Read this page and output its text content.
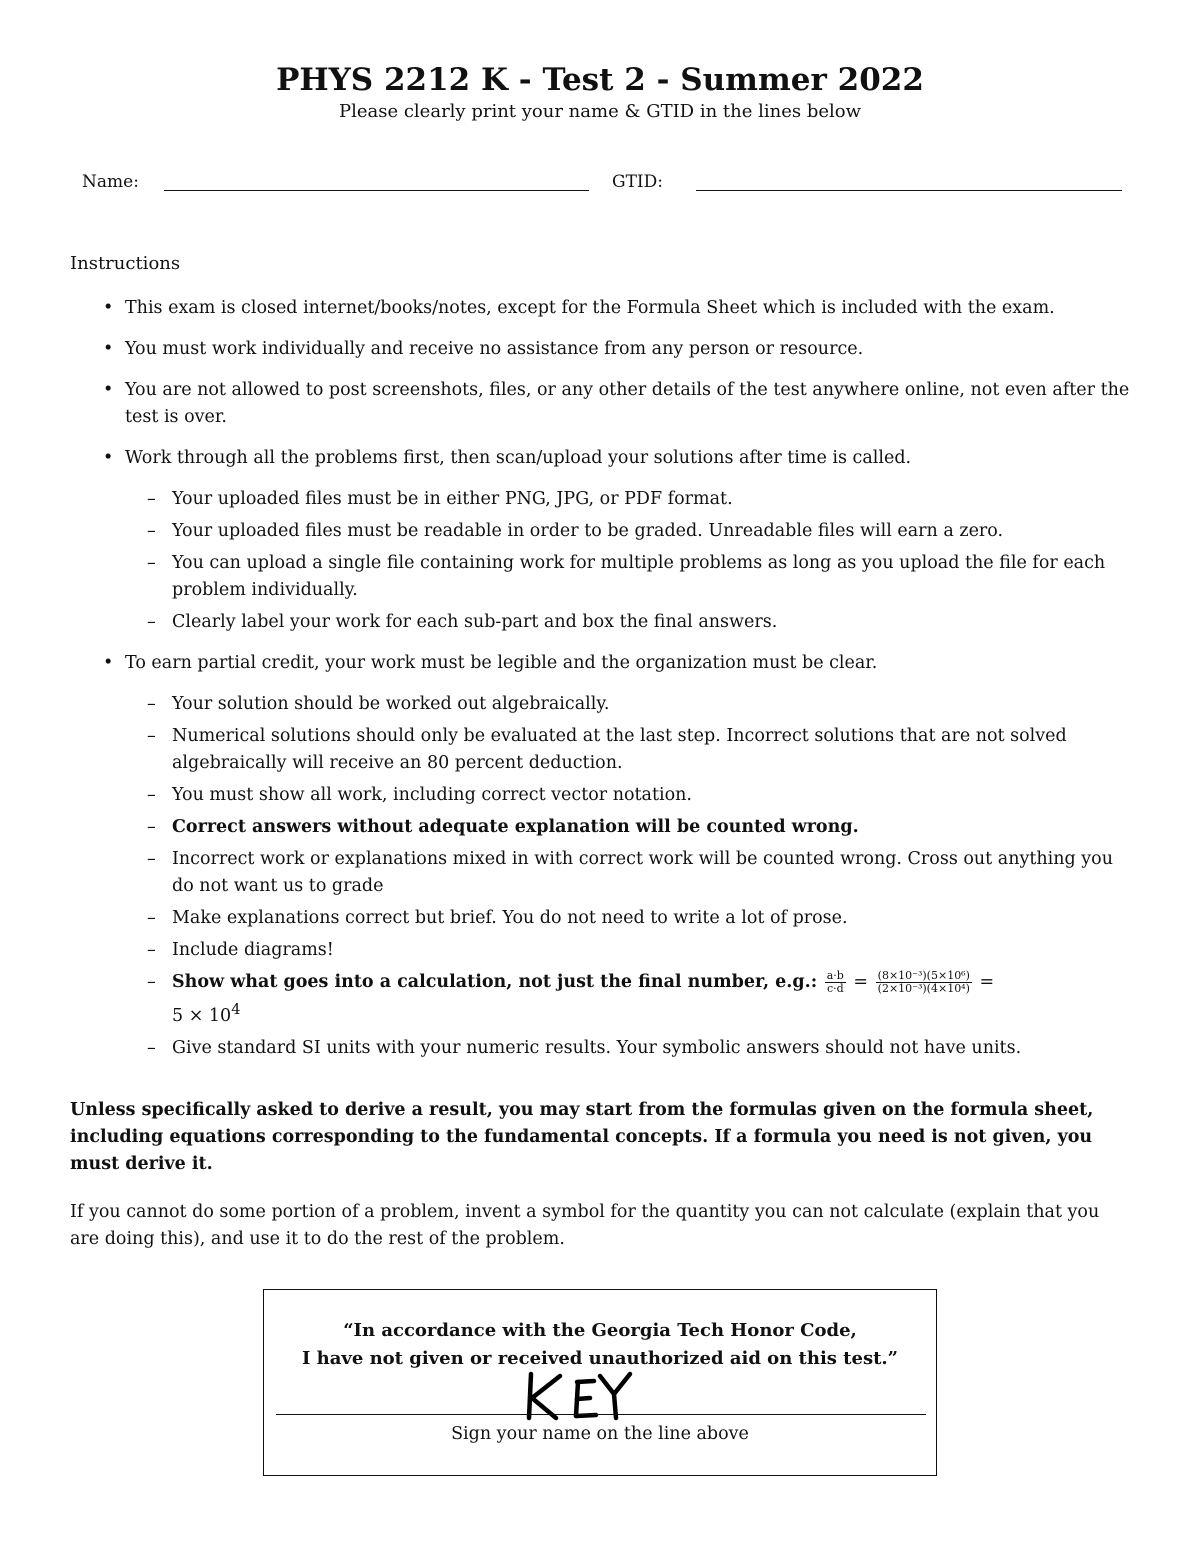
PHYS 2212 K - Test 2 - Summer 2022
Please clearly print your name & GTID in the lines below
Name:	GTID:
Instructions
• This exam is closed internet/books/notes, except for the Formula Sheet which is included with the exam.
• You must work individually and receive no assistance from any person or resource.
• You are not allowed to post screenshots, files, or any other details of the test anywhere online, not even after the test is over.
• Work through all the problems first, then scan/upload your solutions after time is called.
– Your uploaded files must be in either PNG, JPG, or PDF format.
– Your uploaded files must be readable in order to be graded. Unreadable files will earn a zero.
– You can upload a single file containing work for multiple problems as long as you upload the file for each problem individually.
– Clearly label your work for each sub-part and box the final answers.
• To earn partial credit, your work must be legible and the organization must be clear.
– Your solution should be worked out algebraically.
– Numerical solutions should only be evaluated at the last step. Incorrect solutions that are not solved algebraically will receive an 80 percent deduction.
– You must show all work, including correct vector notation.
– Correct answers without adequate explanation will be counted wrong.
– Incorrect work or explanations mixed in with correct work will be counted wrong. Cross out anything you do not want us to grade
– Make explanations correct but brief. You do not need to write a lot of prose.
– Include diagrams!
– Show what goes into a calculation, not just the final number, e.g.: $\frac{a\cdot b}{c\cdot d} = \frac{\text{(8×10⁻³)(5×10⁶)}}{\text{(2×10⁻³)(4×10⁴)}}$ =
$5 \times 10^4$
– Give standard SI units with your numeric results. Your symbolic answers should not have units.
Unless specifically asked to derive a result, you may start from the formulas given on the formula sheet, including equations corresponding to the fundamental concepts. If a formula you need is not given, you must derive it.
If you cannot do some portion of a problem, invent a symbol for the quantity you can not calculate (explain that you are doing this), and use it to do the rest of the problem.
“In accordance with the Georgia Tech Honor Code,
I have not given or received unauthorized aid on this test.”
Sign your name on the line above
